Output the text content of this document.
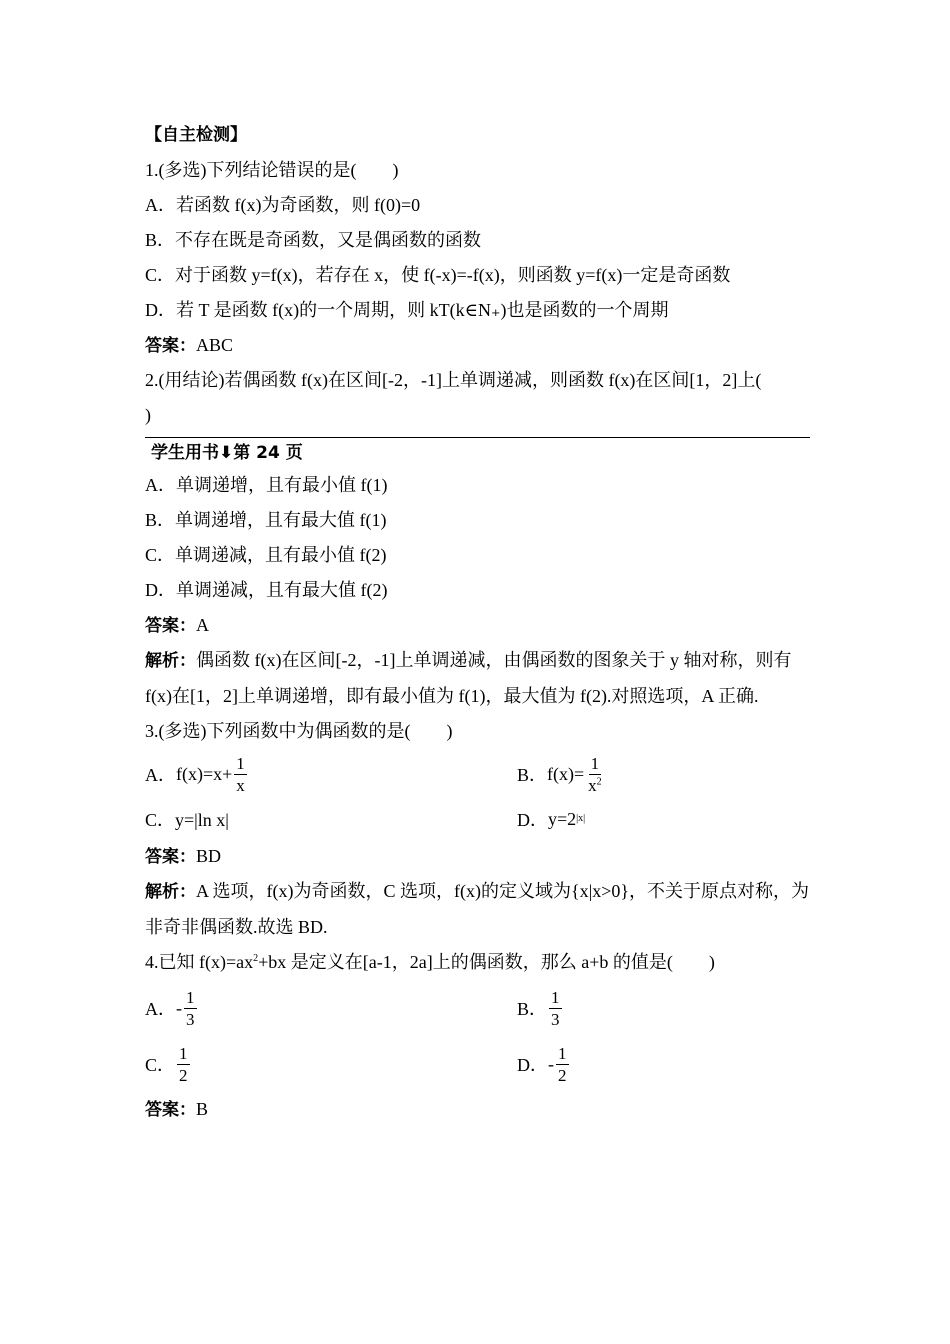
【自主检测】
1.(多选)下列结论错误的是(　　)
A．若函数 f(x)为奇函数，则 f(0)=0
B．不存在既是奇函数，又是偶函数的函数
C．对于函数 y=f(x)，若存在 x，使 f(-x)=-f(x)，则函数 y=f(x)一定是奇函数
D．若 T 是函数 f(x)的一个周期，则 kT(k∈N₊)也是函数的一个周期
答案：ABC
2.(用结论)若偶函数 f(x)在区间[-2，-1]上单调递减，则函数 f(x)在区间[1，2]上(
)
学生用书⬇第 24 页
A．单调递增，且有最小值 f(1)
B．单调递增，且有最大值 f(1)
C．单调递减，且有最小值 f(2)
D．单调递减，且有最大值 f(2)
答案：A
解析：偶函数 f(x)在区间[-2，-1]上单调递减，由偶函数的图象关于 y 轴对称，则有 f(x)在[1，2]上单调递增，即有最小值为 f(1)，最大值为 f(2).对照选项，A 正确.
3.(多选)下列函数中为偶函数的是(　　)
A． $f(x)=x+ \frac{1}{x}$	B． $f(x)= \frac{1}{x^2}$
C．y=|ln x|	D． y=2 |x|
答案：BD
解析：A 选项，f(x)为奇函数，C 选项，f(x)的定义域为{x|x>0}，不关于原点对称，为非奇非偶函数.故选 BD.
4.已知 $f(x)=ax^2+bx$ 是定义在[a-1，2a]上的偶函数，那么 a+b 的值是(　　)
A． - $\frac{1}{3}$	B． $\frac{1}{3}$
C． $\frac{1}{2}$	D． - $\frac{1}{2}$
答案：B
